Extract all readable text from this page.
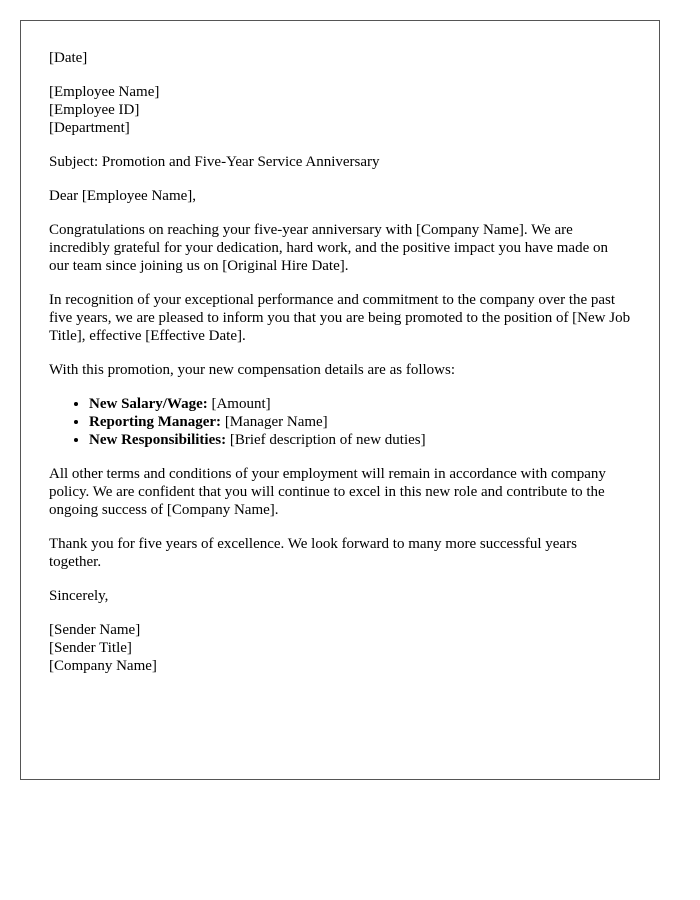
[Date]

[Employee Name]
[Employee ID]
[Department]

Subject: Promotion and Five-Year Service Anniversary

Dear [Employee Name],

Congratulations on reaching your five-year anniversary with [Company Name]. We are incredibly grateful for your dedication, hard work, and the positive impact you have made on our team since joining us on [Original Hire Date].

In recognition of your exceptional performance and commitment to the company over the past five years, we are pleased to inform you that you are being promoted to the position of [New Job Title], effective [Effective Date].

With this promotion, your new compensation details are as follows:

• New Salary/Wage: [Amount]
• Reporting Manager: [Manager Name]
• New Responsibilities: [Brief description of new duties]

All other terms and conditions of your employment will remain in accordance with company policy. We are confident that you will continue to excel in this new role and contribute to the ongoing success of [Company Name].

Thank you for five years of excellence. We look forward to many more successful years together.

Sincerely,

[Sender Name]
[Sender Title]
[Company Name]
